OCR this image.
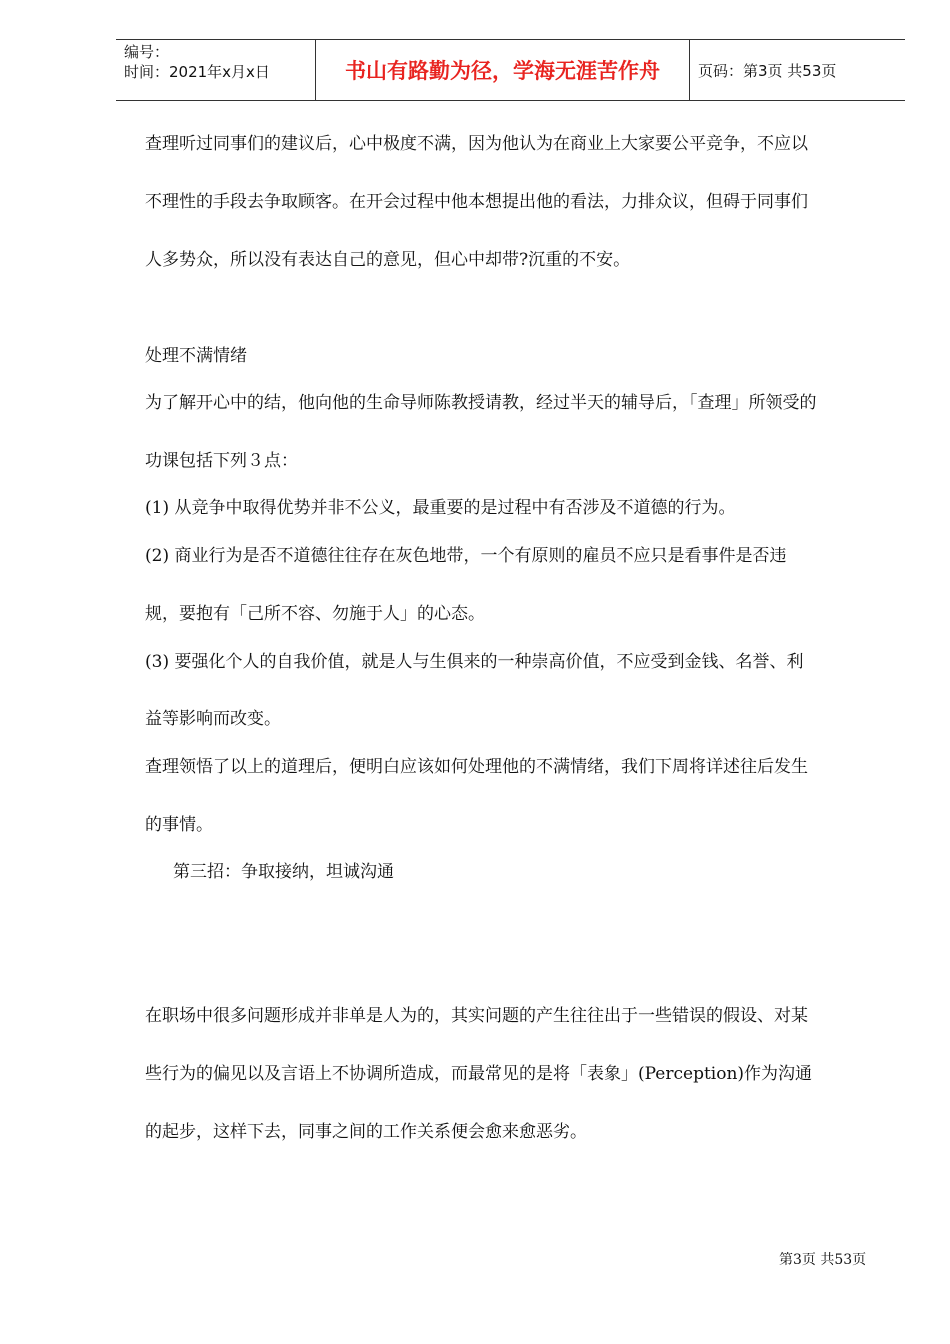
编号：
时间：2021年x月x日	书山有路勤为径，学海无涯苦作舟	页码：第3页 共53页
查理听过同事们的建议后，心中极度不满，因为他认为在商业上大家要公平竞争，不应以
不理性的手段去争取顾客。在开会过程中他本想提出他的看法，力排众议，但碍于同事们
人多势众，所以没有表达自己的意见，但心中却带?沉重的不安。
处理不满情绪
为了解开心中的结，他向他的生命导师陈教授请教，经过半天的辅导后，「查理」所领受的
功课包括下列３点：
(1) 从竞争中取得优势并非不公义，最重要的是过程中有否涉及不道德的行为。
(2) 商业行为是否不道德往往存在灰色地带，一个有原则的雇员不应只是看事件是否违
规，要抱有「己所不容、勿施于人」的心态。
(3) 要强化个人的自我价值，就是人与生俱来的一种崇高价值，不应受到金钱、名誉、利
益等影响而改变。
查理领悟了以上的道理后，便明白应该如何处理他的不满情绪，我们下周将详述往后发生
的事情。
第三招：争取接纳，坦诚沟通
在职场中很多问题形成并非单是人为的，其实问题的产生往往出于一些错误的假设、对某
些行为的偏见以及言语上不协调所造成，而最常见的是将「表象」(Perception)作为沟通
的起步，这样下去，同事之间的工作关系便会愈来愈恶劣。
第3页 共53页
